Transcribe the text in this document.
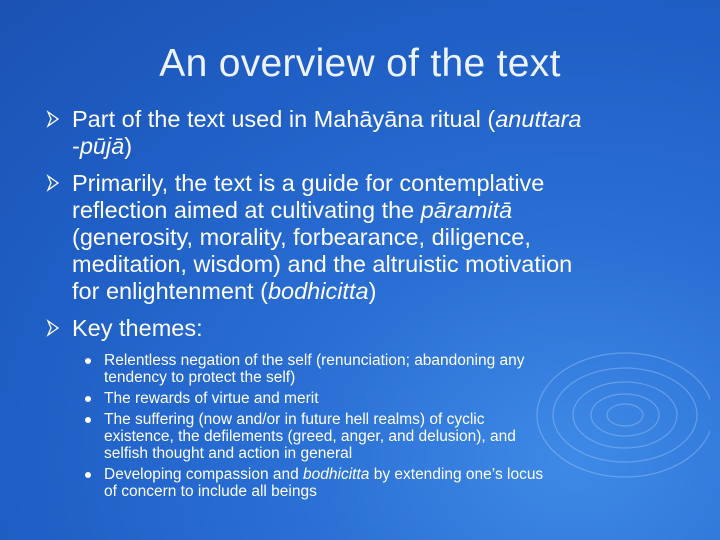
An overview of the text
Part of the text used in Mahāyāna ritual (anuttara
-pūjā)
Primarily, the text is a guide for contemplative
reflection aimed at cultivating the pāramitā
(generosity, morality, forbearance, diligence,
meditation, wisdom) and the altruistic motivation
for enlightenment (bodhicitta)
Key themes:
Relentless negation of the self (renunciation; abandoning any
tendency to protect the self)
The rewards of virtue and merit
The suffering (now and/or in future hell realms) of cyclic
existence, the defilements (greed, anger, and delusion), and
selfish thought and action in general
Developing compassion and bodhicitta by extending one’s locus
of concern to include all beings
